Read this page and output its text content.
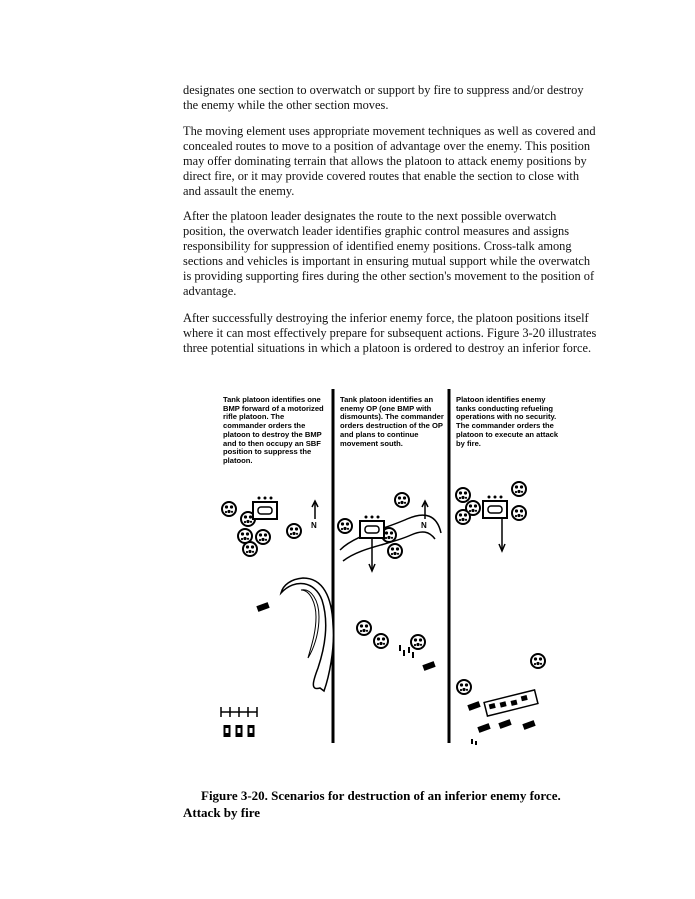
designates one section to overwatch or support by fire to suppress and/or destroy the enemy while the other section moves.

The moving element uses appropriate movement techniques as well as covered and concealed routes to move to a position of advantage over the enemy. This position may offer dominating terrain that allows the platoon to attack enemy positions by direct fire, or it may provide covered routes that enable the section to close with and assault the enemy.

After the platoon leader designates the route to the next possible overwatch position, the overwatch leader identifies graphic control measures and assigns responsibility for suppression of identified enemy positions. Cross-talk among sections and vehicles is important in ensuring mutual support while the overwatch is providing supporting fires during the other section's movement to the position of advantage.

After successfully destroying the inferior enemy force, the platoon positions itself where it can most effectively prepare for subsequent actions. Figure 3-20 illustrates three potential situations in which a platoon is ordered to destroy an inferior force.

Tank platoon identifies one BMP forward of a motorized rifle platoon. The commander orders the platoon to destroy the BMP and to then occupy an SBF position to suppress the platoon.

Tank platoon identifies an enemy OP (one BMP with dismounts). The commander orders destruction of the OP and plans to continue movement south.

Platoon identifies enemy tanks conducting refueling operations with no security. The commander orders the platoon to execute an attack by fire.

N	N

Figure 3-20. Scenarios for destruction of an inferior enemy force.
Attack by fire
